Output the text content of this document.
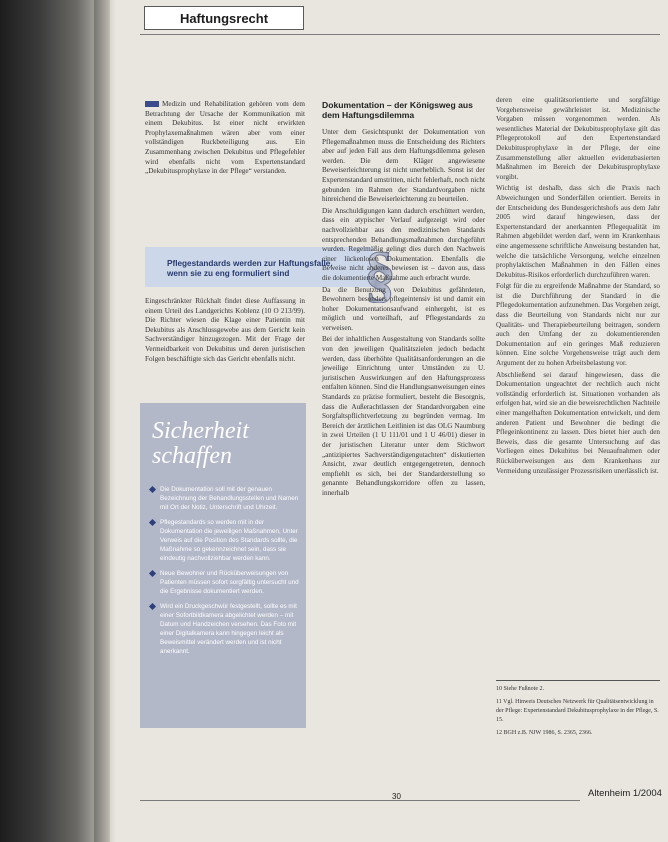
Haftungsrecht

Medizin und Rehabilitation gehören vom dem Betrachtung der Ursache der Kommunikation mit einem Dekubitus. Ist einer nicht erwirkten Prophylaxemaßnahmen wären aber vom einer vollständigen Ruckbeteiligung aus. Ein Zusammenhang zwischen Dekubitus und Pflegefehler wird ebenfalls nicht vom Expertenstandard „Dekubitusprophylaxe in der Pflege“ verstanden.

Pflegestandards werden zur Haftungsfalle, wenn sie zu eng formuliert sind	§

Eingeschränkter Rückhalt findet diese Auffassung in einem Urteil des Landgerichts Koblenz (10 O 213/99). Die Richter wiesen die Klage einer Patientin mit Dekubitus als Anschlussgewebe aus dem Gericht kein Sachverständiger hinzugezogen. Mit der Frage der Vermeidbarkeit von Dekubitus und deren juristischen Folgen beschäftigte sich das Gericht ebenfalls nicht.

Sicherheit
schaffen
Die Dokumentation soll mit der genauen Bezeichnung der Behandlungsstellen und Namen mit Ort der Notiz, Unterschrift und Uhrzeit.
Pflegestandards so werden mit in der Dokumentation die jeweiligen Maßnahmen, Unter Verweis auf die Position des Standards sollte, die Maßnahme so gekennzeichnet sein, dass sie eindeutig nachvollziehbar werden kann.
Neue Bewohner und Rücküberweisungen von Patienten müssen sofort sorgfältig untersucht und die Ergebnisse dokumentiert werden.
Wird ein Druckgeschwür festgestellt, sollte es mit einer Sofortbildkamera abgelichtet werden – mit Datum und Handzeichen versehen. Das Foto mit einer Digitalkamera kann hingegen leicht als Beweismittel verändert werden und ist nicht anerkannt.
Dokumentation – der Königsweg aus dem Haftungsdilemma

Unter dem Gesichtspunkt der Dokumentation von Pflegemaßnahmen muss die Entscheidung des Richters aber auf jeden Fall aus dem Haftungsdilemma gelesen werden. Die dem Kläger angewiesene Beweiserleichterung ist nicht unerheblich. Sonst ist der Expertenstandard umstritten, nicht fehlerhaft, noch nicht gebunden im Rahmen der Standardvorgaben nicht hinreichend die Beweiserleichterung zu beurteilen.

Die Anschuldigungen kann dadurch erschüttert werden, dass ein atypischer Verlauf aufgezeigt wird oder nachvollziehbar aus den medizinischen Standards entsprechenden Behandlungsmaßnahmen durchgeführt wurden. Regelmäßig gelingt dies durch den Nachweis einer lückenlosen Dokumentation. Ebenfalls die Beweise nicht anderes bewiesen ist – davon aus, dass die dokumentierte Maßnahme auch erbracht wurde.

Da die Benutzung von Dekubitus gefährdeten, Bewohnern besonders pflegeintensiv ist und damit ein hoher Dokumentationsaufwand einhergeht, ist es möglich und vorteilhaft, auf Pflegestandards zu verweisen.

Bei der inhaltlichen Ausgestaltung von Standards sollte von den jeweiligen Qualitätszielen jedoch bedacht werden, dass überhöhte Qualitätsanforderungen an die jeweilige Einrichtung unter Umständen zu U. juristischen Auswirkungen auf den Haftungsprozess entfalten können. Sind die Handlungsanweisungen eines Standards zu präzise formuliert, besteht die Besorgnis, dass die Außerachtlassen der Standardvorgaben eine Sorgfaltspflichtverletzung zu begründen vermag. Im Bereich der ärztlichen Leitlinien ist das OLG Naumburg in zwei Urteilen (1 U 111/01 und 1 U 46/01) dieser in der juristischen Literatur unter dem Stichwort „antizipiertes Sachverständigengutachten“ diskutierten Ansicht, zwar deutlich entgegengetreten, dennoch empfiehlt es sich, bei der Standarderstellung so genannte Behandlungskorridore offen zu lassen, innerhalb

deren eine qualitätsorientierte und sorgfältige Vorgehensweise gewährleistet ist. Medizinische Vorgaben müssen vorgenommen werden. Als wesentliches Material der Dekubitusprophylaxe gilt das Pflegeprotokoll auf den Expertenstandard Dekubitusprophylaxe in der Pflege, der eine Zusammenstellung aller aktuellen evidenzbasierten Maßnahmen im Bereich der Dekubitusprophylaxe vorgibt.

Wichtig ist deshalb, dass sich die Praxis nach Abweichungen und Sonderfällen orientiert. Bereits in der Entscheidung des Bundesgerichtshofs aus dem Jahr 2005 wird darauf hingewiesen, dass der Expertenstandard der anerkannten Pflegequalität im Rahmen abgebildet werden darf, wenn im Krankenhaus eine angemessene schriftliche Anweisung bestanden hat, welche die tatsächliche Versorgung, welche einzelnen prophylaktischen Maßnahmen in den Fällen eines Dekubitus-Risikos erforderlich durchzuführen waren.

Folgt für die zu ergreifende Maßnahme der Standard, so ist die Durchführung der Standard in die Pflegedokumentation aufzunehmen. Das Vorgehen zeigt, dass die Beurteilung von Standards nicht nur zur Qualitäts- und Therapiebeurteilung beitragen, sondern auch den Umfang der zu dokumentierenden Dokumentation auf ein geringes Maß reduzieren können. Eine solche Vorgehensweise trägt auch dem Argument der zu hohen Arbeitsbelastung vor.

Abschließend sei darauf hingewiesen, dass die Dokumentation ungeachtet der rechtlich auch nicht vollständig erforderlich ist. Situationen vorhanden als erfolgen hat, wird sie an die beweisrechtlichen Nachteile einer mangelhaften Dokumentation entwickelt, und dem anderen Patient und Bewohner die bedingt die Pflegeinkontinenz zu lassen. Dies bietet hier auch den Beweis, dass die gesamte Untersuchung auf das Vorliegen eines Dekubitus bei Neuaufnahmen oder Rücküberweisungen aus dem Krankenhaus zur Vermeidung unzulässiger Prozessrisiken unerlässlich ist.

10 Siehe Fußnote 2.
11 Vgl. Hinweis Deutsches Netzwerk für Qualitätsentwicklung in der Pflege: Expertenstandard Dekubitusprophylaxe in der Pflege, S. 15.
12 BGH z.B. NJW 1986, S. 2365, 2366.
30	Altenheim 1/2004
